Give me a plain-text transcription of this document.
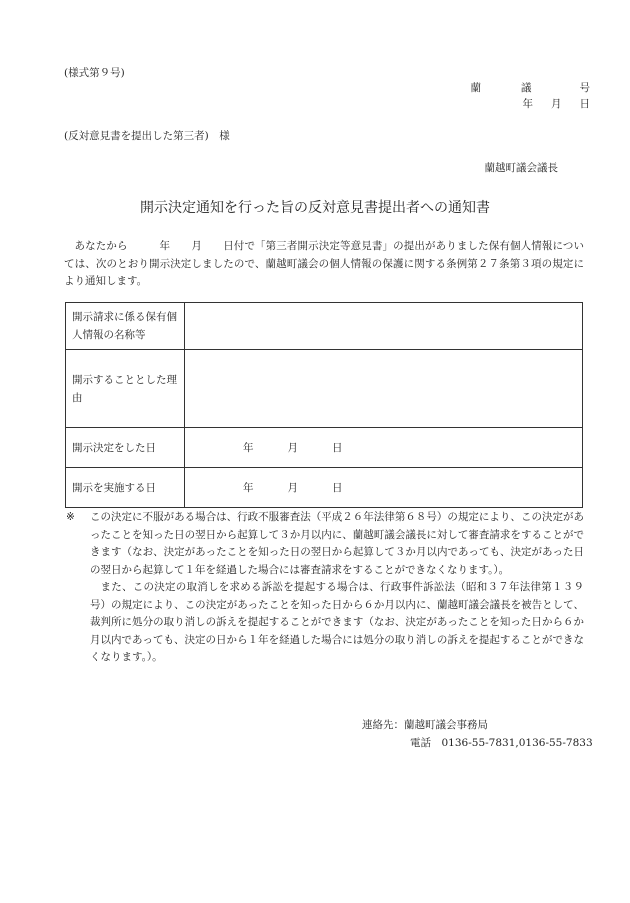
(様式第９号)
蘭	議	号
年 月 日
(反対意見書を提出した第三者)　様
蘭越町議会議長
開示決定通知を行った旨の反対意見書提出者への通知書
あなたから　　　年　　月　　日付で「第三者開示決定等意見書」の提出がありました保有個人情報については、次のとおり開示決定しましたので、蘭越町議会の個人情報の保護に関する条例第２７条第３項の規定により通知します。
開示請求に係る保有個人情報の名称等	
開示することとした理由	
開示決定をした日	年 月 日
開示を実施する日	年 月 日
※ この決定に不服がある場合は、行政不服審査法（平成２６年法律第６８号）の規定により、この決定があったことを知った日の翌日から起算して３か月以内に、蘭越町議会議長に対して審査請求をすることができます（なお、決定があったことを知った日の翌日から起算して３か月以内であっても、決定があった日の翌日から起算して１年を経過した場合には審査請求をすることができなくなります。）。
また、この決定の取消しを求める訴訟を提起する場合は、行政事件訴訟法（昭和３７年法律第１３９号）の規定により、この決定があったことを知った日から６か月以内に、蘭越町議会議長を被告として、裁判所に処分の取り消しの訴えを提起することができます（なお、決定があったことを知った日から６か月以内であっても、決定の日から１年を経過した場合には処分の取り消しの訴えを提起することができなくなります。）。
連絡先：蘭越町議会事務局
電話　0136-55-7831,0136-55-7833
